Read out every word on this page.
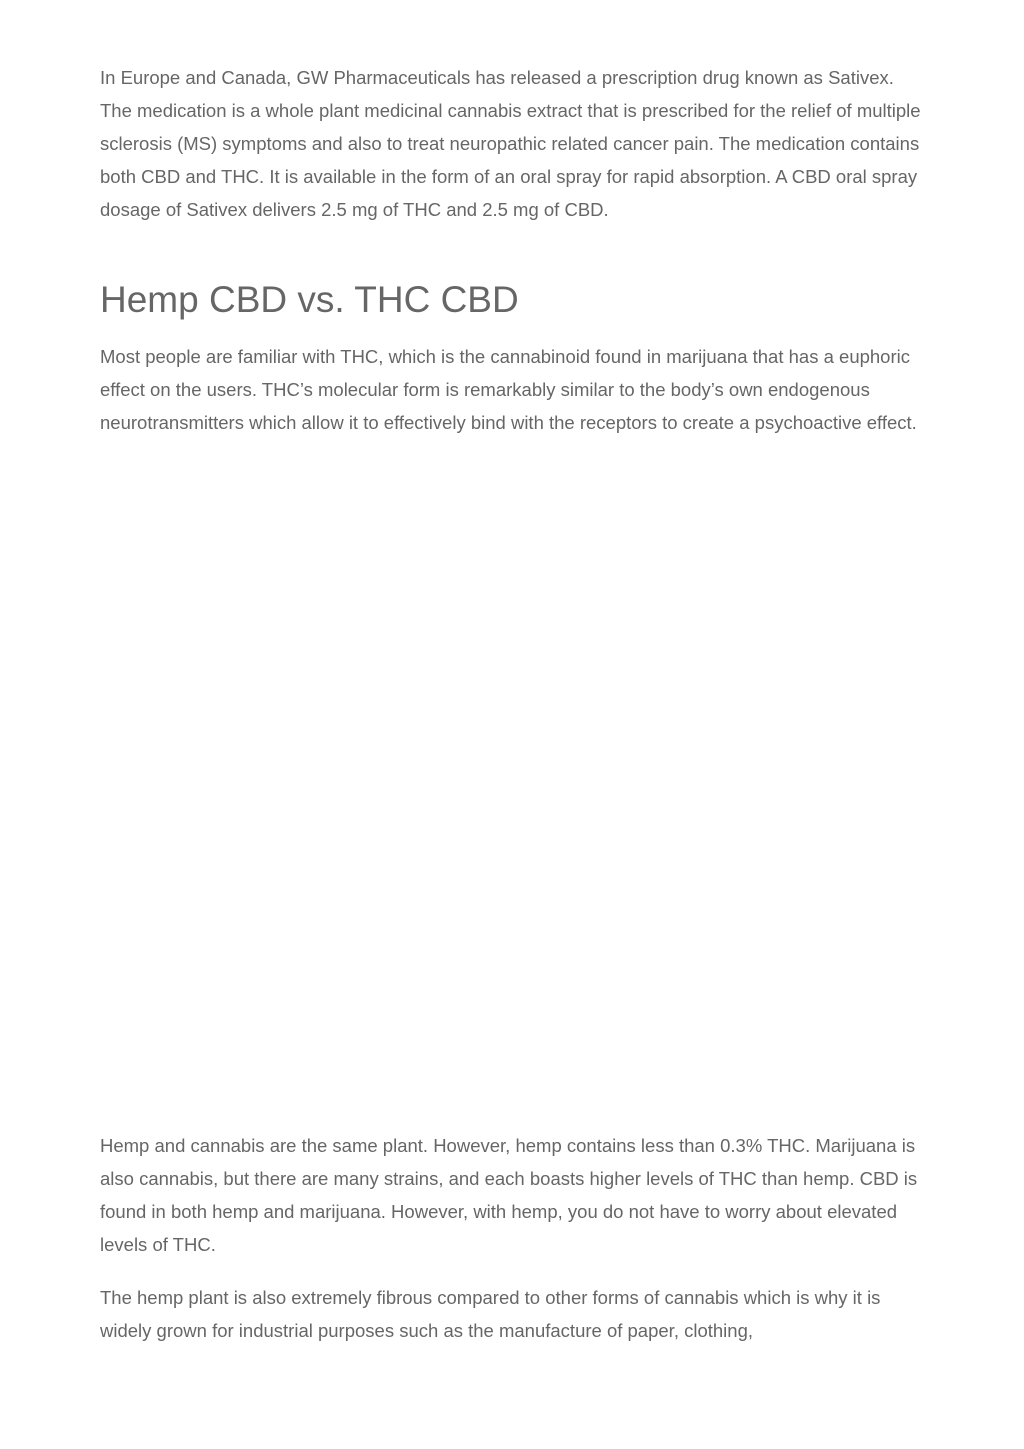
In Europe and Canada, GW Pharmaceuticals has released a prescription drug known as Sativex. The medication is a whole plant medicinal cannabis extract that is prescribed for the relief of multiple sclerosis (MS) symptoms and also to treat neuropathic related cancer pain. The medication contains both CBD and THC. It is available in the form of an oral spray for rapid absorption. A CBD oral spray dosage of Sativex delivers 2.5 mg of THC and 2.5 mg of CBD.

Hemp CBD vs. THC CBD

Most people are familiar with THC, which is the cannabinoid found in marijuana that has a euphoric effect on the users. THC’s molecular form is remarkably similar to the body’s own endogenous neurotransmitters which allow it to effectively bind with the receptors to create a psychoactive effect.

Hemp and cannabis are the same plant. However, hemp contains less than 0.3% THC. Marijuana is also cannabis, but there are many strains, and each boasts higher levels of THC than hemp. CBD is found in both hemp and marijuana. However, with hemp, you do not have to worry about elevated levels of THC.

The hemp plant is also extremely fibrous compared to other forms of cannabis which is why it is widely grown for industrial purposes such as the manufacture of paper, clothing,
